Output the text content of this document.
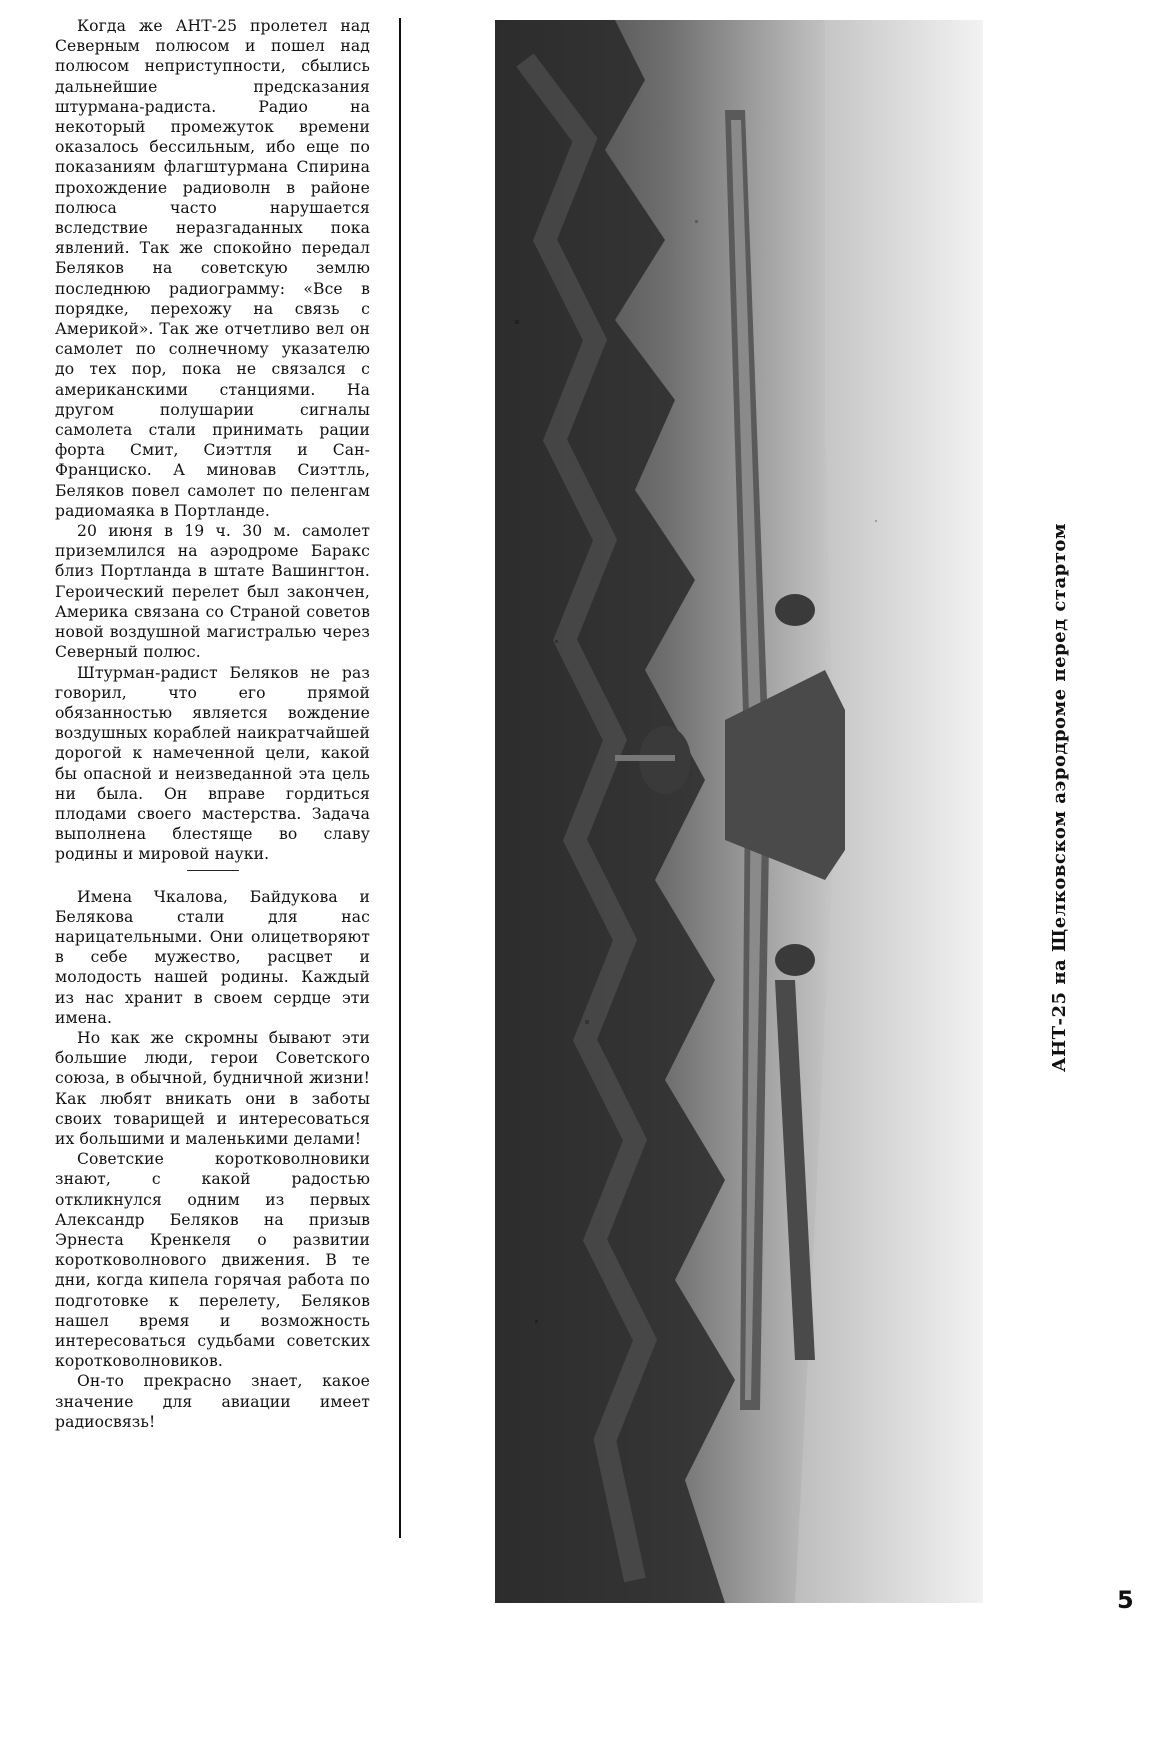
Когда же АНТ-25 пролетел над Северным полюсом и пошел над полюсом неприступности, сбылись дальнейшие предсказания штурмана-радиста. Радио на некоторый промежуток времени оказалось бессильным, ибо еще по показаниям флагштурмана Спирина прохождение радиоволн в районе полюса часто нарушается вследствие неразгаданных пока явлений. Так же спокойно передал Беляков на советскую землю последнюю радиограмму: «Все в порядке, перехожу на связь с Америкой». Так же отчетливо вел он самолет по солнечному указателю до тех пор, пока не связался с американскими станциями. На другом полушарии сигналы самолета стали принимать рации форта Смит, Сиэттля и Сан-Франциско. А миновав Сиэттль, Беляков повел самолет по пеленгам радиомаяка в Портланде.

20 июня в 19 ч. 30 м. самолет приземлился на аэродроме Баракс близ Портланда в штате Вашингтон. Героический перелет был закончен, Америка связана со Страной советов новой воздушной магистралью через Северный полюс.

Штурман-радист Беляков не раз говорил, что его прямой обязанностью является вождение воздушных кораблей наикратчайшей дорогой к намеченной цели, какой бы опасной и неизведанной эта цель ни была. Он вправе гордиться плодами своего мастерства. Задача выполнена блестяще во славу родины и мировой науки.

Имена Чкалова, Байдукова и Белякова стали для нас нарицательными. Они олицетворяют в себе мужество, расцвет и молодость нашей родины. Каждый из нас хранит в своем сердце эти имена.

Но как же скромны бывают эти большие люди, герои Советского союза, в обычной, будничной жизни! Как любят вникать они в заботы своих товарищей и интересоваться их большими и маленькими делами!

Советские коротковолновики знают, с какой радостью откликнулся одним из первых Александр Беляков на призыв Эрнеста Кренкеля о развитии коротковолнового движения. В те дни, когда кипела горячая работа по подготовке к перелету, Беляков нашел время и возможность интересоваться судьбами советских коротковолновиков.

Он-то прекрасно знает, какое значение для авиации имеет радиосвязь!

АНТ-25 на Щелковском аэродроме перед стартом
5
